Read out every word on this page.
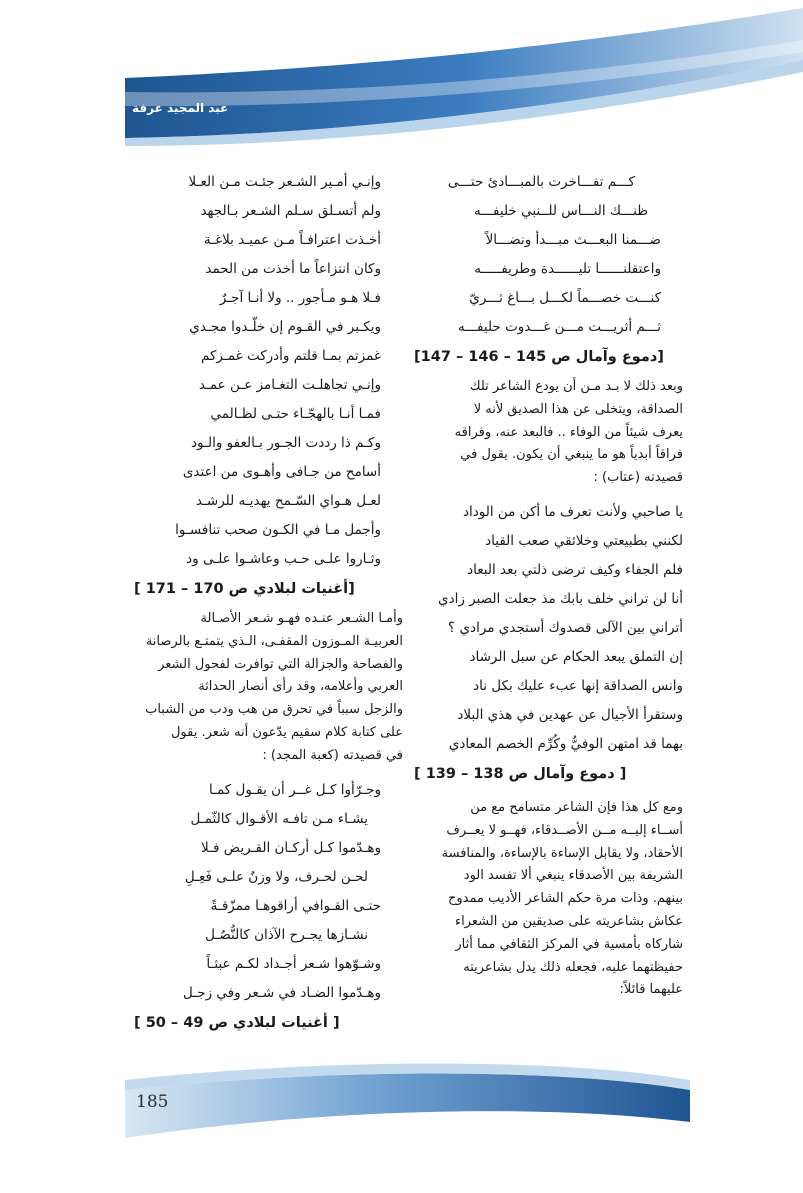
عبد المجيد عرفة
كـــم تفـــاخرت بالمبـــادئ حتـــى
ظنـــك النـــاس للــنبي خليفـــه
ضـــمنا البعـــث مبـــدأ ونضـــالاً
واعتقلنــــــا تليــــــدة وطريفـــــه
كنـــت خصـــماً لكـــل بـــاغ ثـــريّ
ثـــم أثريـــت مـــن غـــدوت حليفـــه
[دموع وآمال ص 145 – 146 – 147]

وبعد ذلك لا بـد مـن أن يودع الشاعر تلك

الصداقة، ويتخلى عن هذا الصديق لأنه لا

يعرف شيئاً من الوفاء .. فالبعد عنه، وفراقه

فراقاً أبدياً هو ما ينبغي أن يكون. يقول في

قصيدته (عتاب) :

يا صاحبي ولأنت تعرف ما أكن من الوداد
لكنني بطبيعتي وخلائقي صعب القياد
فلم الجفاء وكيف ترضى ذلتي بعد البعاد
أنا لن تراني خلف بابك مذ جعلت الصبر زادي
أتراني بين الآلى قصدوك أستجدي مرادي ؟
إن التملق يبعد الحكام عن سبل الرشاد
وانس الصداقة إنها عبء عليك بكل ناد
وستقرأ الأجيال عن عهدين في هذي البلاد
بهما قد امتهن الوفيُّ وكُرِّم الخصم المعادي
[ دموع وآمال ص 138 – 139 ]

ومع كل هذا فإن الشاعر متسامح مع من

أســاء إليــه مــن الأصــدقاء، فهــو لا يعــرف

الأحقاد، ولا يقابل الإساءة بالإساءة، والمنافسة

الشريفة بين الأصدقاء ينبغي ألا تفسد الود

بينهم. وذات مرة حكم الشاعر الأديب ممدوح

عكاش بشاعريته على صديقين من الشعراء

شاركاه بأمسية في المركز الثقافي مما أثار

حفيظتهما عليه، فجعله ذلك يدل بشاعريته

عليهما قائلاً:

وإنـي أمـير الشـعر جئـت مـن العـلا
ولم أتسـلق سـلم الشـعر بـالجهد
أخـذت اعترافـاً مـن عميـد بلاغـة
وكان انتزاعاً ما أخذت من الحمد
فـلا هـو مـأجور .. ولا أنـا آجـرٌ
ويكـبر في القـوم إن خلّـدوا مجـدي
غمزتم بمـا قلتم وأدركت غمـزكم
وإنـي تجاهلـت التغـامز عـن عمـد
فمـا أنـا بالهجّـاء حتـى لظـالمي
وكـم ذا رددت الجـور بـالعفو والـود
أسامح من جـافى وأهـوى من اعتدى
لعـل هـواي السّـمح يهديـه للرشـد
وأجمل مـا في الكـون صحب تنافسـوا
وثـاروا علـى حـب وعاشـوا علـى ود
[أغنيات لبلادي ص 170 – 171 ]

وأمـا الشـعر عنـده فهـو شـعر الأصـالة

العربيـة المـوزون المقفـى، الـذي يتمتـع بالرصانة

والفصاحة والجزالة التي توافرت لفحول الشعر

العربي وأعلامه، وقد رأى أنصار الحداثة

والزجل سبباً في تحرق من هب ودب من الشباب

على كتابة كلام سقيم يدّعون أنه شعر. يقول

في قصيدته (كعبة المجد) :

وجـرّأوا كـل غــر أن يقـول كمـا
يشـاء مـن تافـه الأقـوال كالثّمـل
وهـدّموا كـل أركـان القـريض فـلا
لحـن لحـرف، ولا وزنٌ علـى فَعِـلِ
حتـى القـوافي أراقوهـا ممزّقـةً
نشـازها يجـرح الآذان كالنُّصُـل
وشـوّهوا شـعر أجـداد لكـم عبثـاً
وهـدّموا الضـاد في شـعر وفي زجـل
[ أغنيات لبلادي ص 49 – 50 ]
185
